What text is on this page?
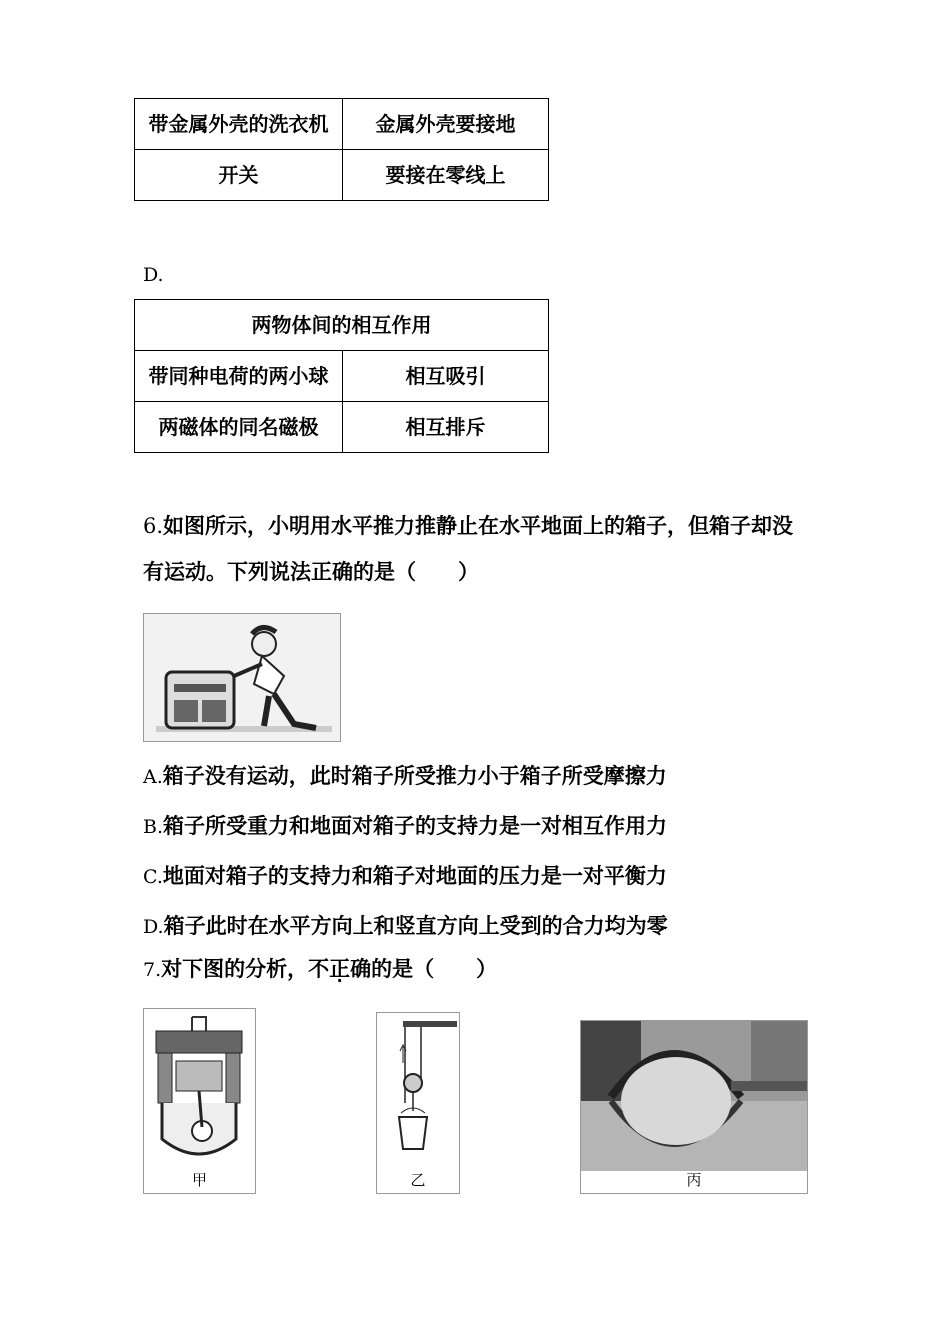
带金属外壳的洗衣机	金属外壳要接地
开关	要接在零线上
D.
两物体间的相互作用	

带同种电荷的两小球	相互吸引
两磁体的同名磁极	相互排斥
6.如图所示，小明用水平推力推静止在水平地面上的箱子，但箱子却没有运动。下列说法正确的是（　　）
A.箱子没有运动，此时箱子所受推力小于箱子所受摩擦力
B.箱子所受重力和地面对箱子的支持力是一对相互作用力
C.地面对箱子的支持力和箱子对地面的压力是一对平衡力
D.箱子此时在水平方向上和竖直方向上受到的合力均为零
7.对下图的分析，不正确的是（　　）
甲	乙	丙
